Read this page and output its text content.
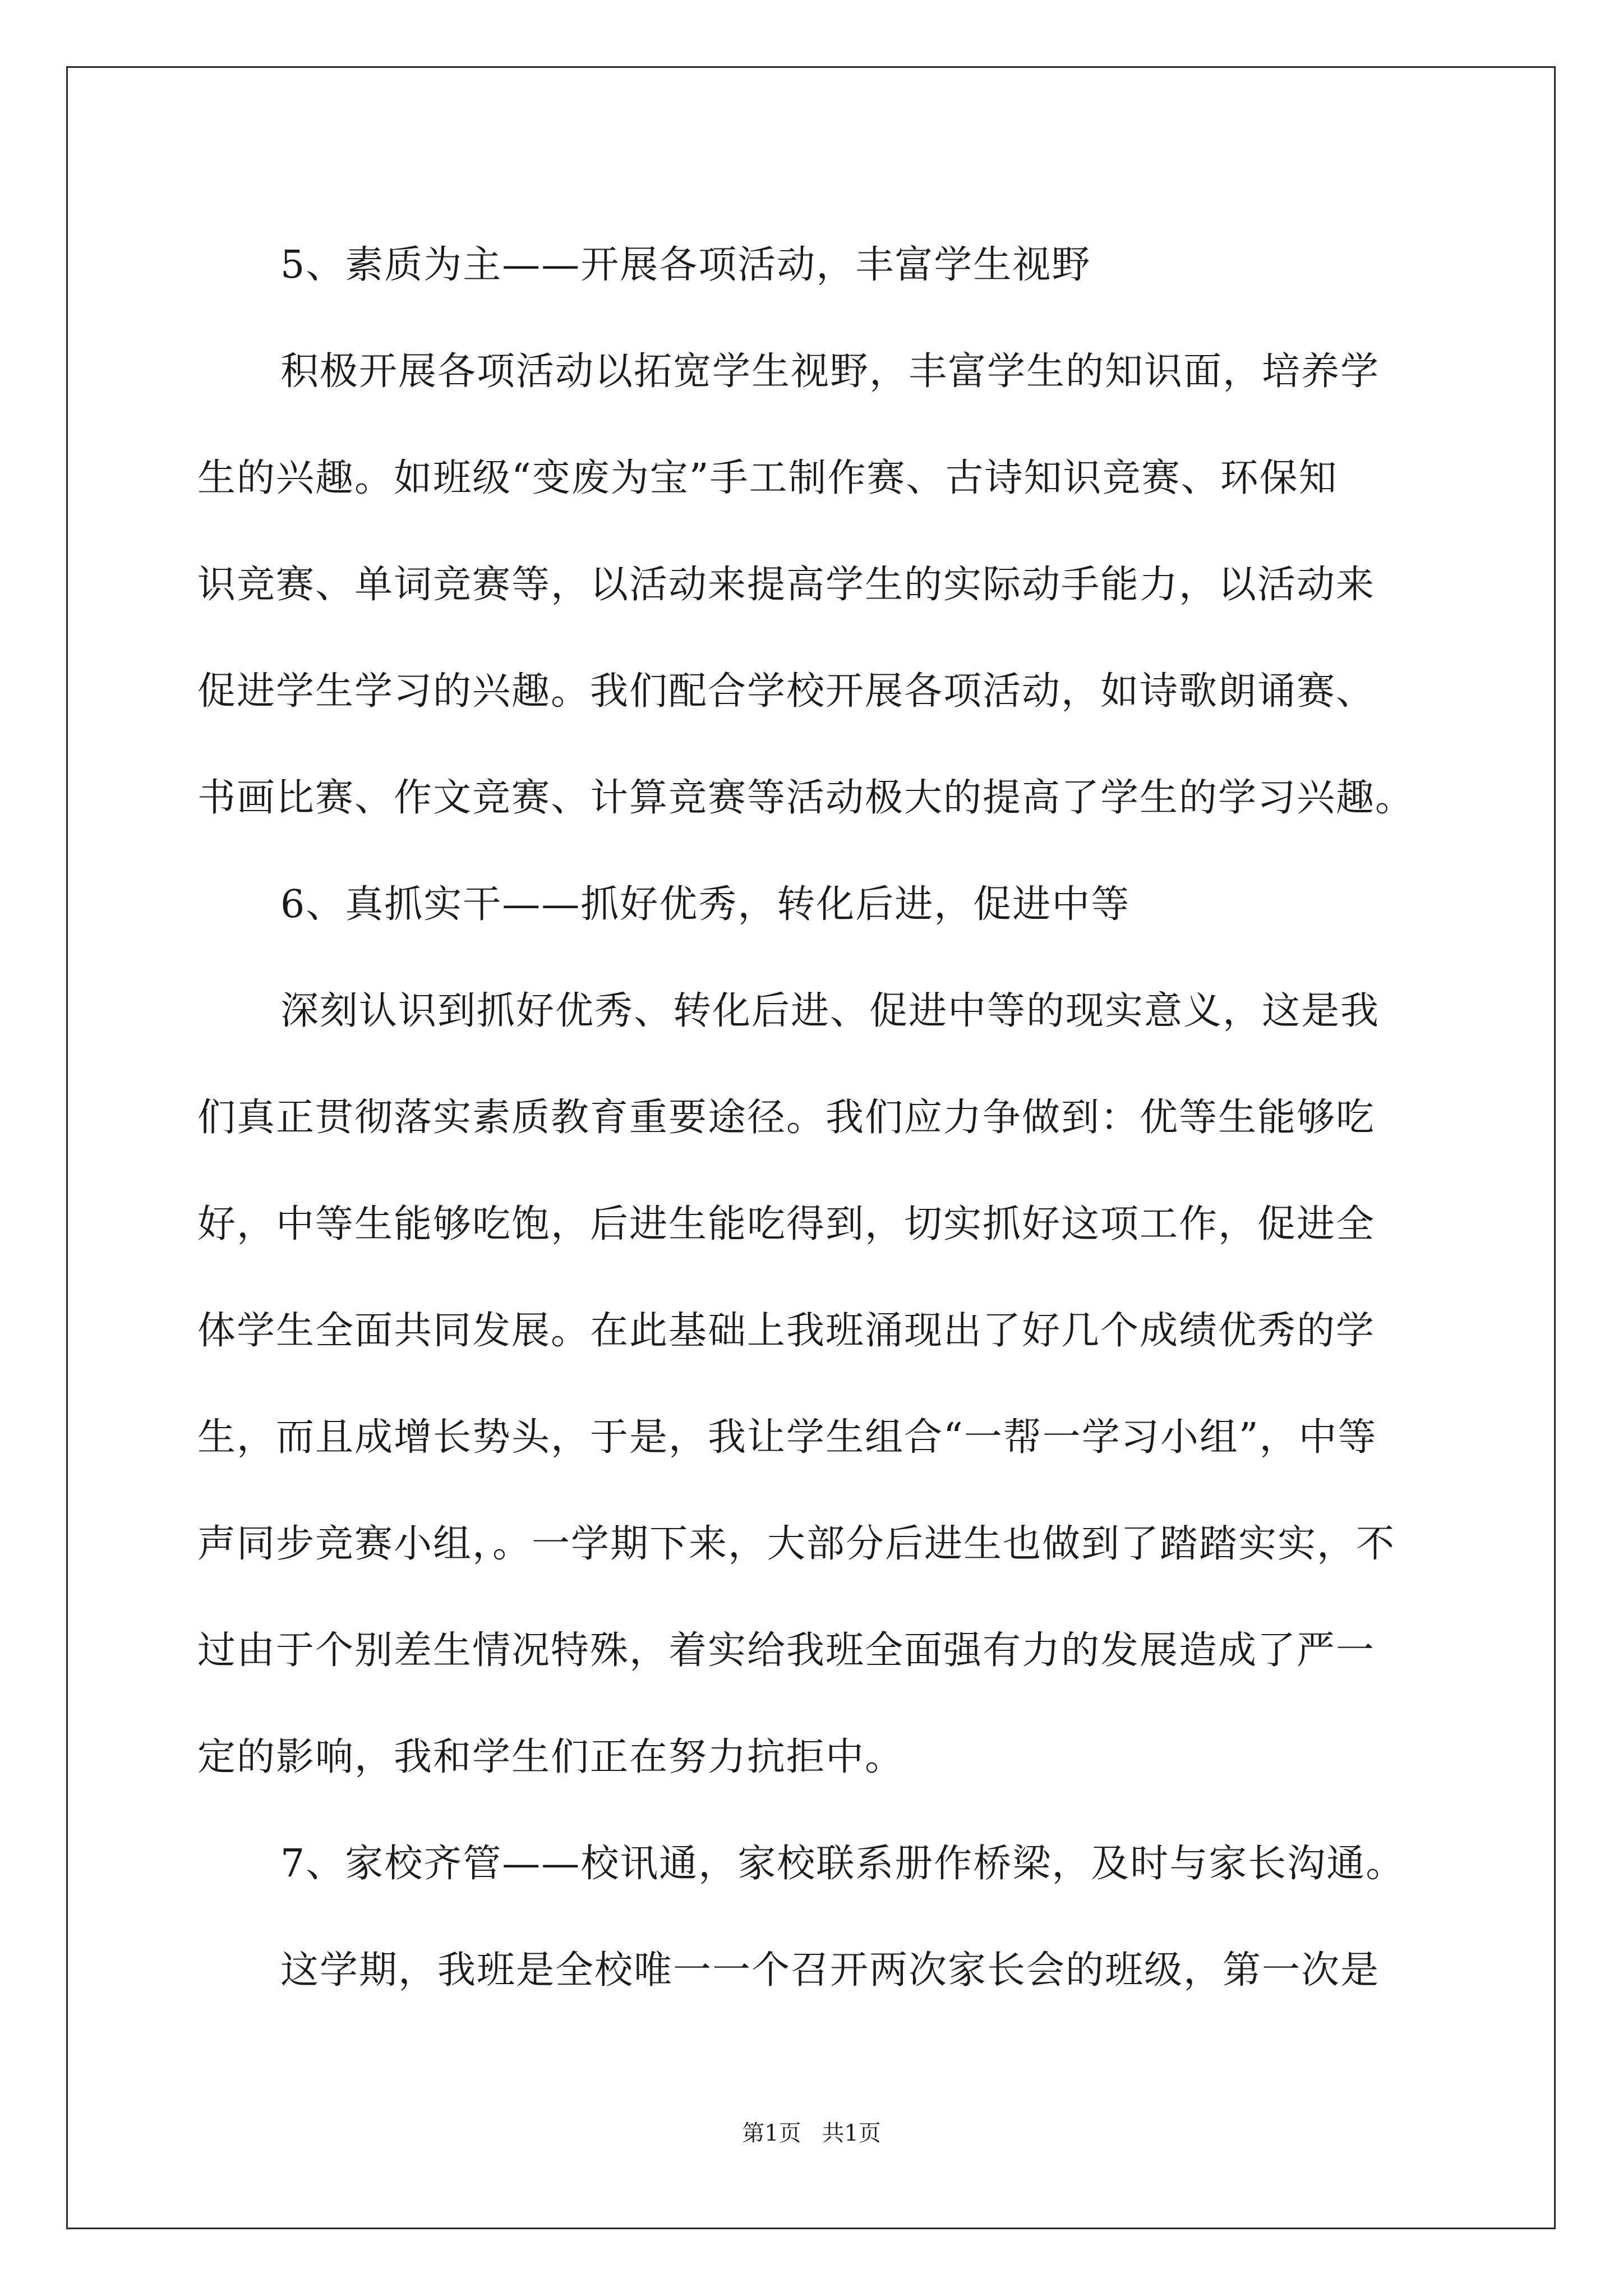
5、素质为主——开展各项活动，丰富学生视野
积极开展各项活动以拓宽学生视野，丰富学生的知识面，培养学
生的兴趣。如班级“变废为宝”手工制作赛、古诗知识竞赛、环保知
识竞赛、单词竞赛等，以活动来提高学生的实际动手能力，以活动来
促进学生学习的兴趣。我们配合学校开展各项活动，如诗歌朗诵赛、
书画比赛、作文竞赛、计算竞赛等活动极大的提高了学生的学习兴趣。
6、真抓实干——抓好优秀，转化后进，促进中等
深刻认识到抓好优秀、转化后进、促进中等的现实意义，这是我
们真正贯彻落实素质教育重要途径。我们应力争做到：优等生能够吃
好，中等生能够吃饱，后进生能吃得到，切实抓好这项工作，促进全
体学生全面共同发展。在此基础上我班涌现出了好几个成绩优秀的学
生，而且成增长势头，于是，我让学生组合“一帮一学习小组”，中等
声同步竞赛小组，。一学期下来，大部分后进生也做到了踏踏实实，不
过由于个别差生情况特殊，着实给我班全面强有力的发展造成了严一
定的影响，我和学生们正在努力抗拒中。
7、家校齐管——校讯通，家校联系册作桥梁，及时与家长沟通。
这学期，我班是全校唯一一个召开两次家长会的班级，第一次是
第1页 共1页
